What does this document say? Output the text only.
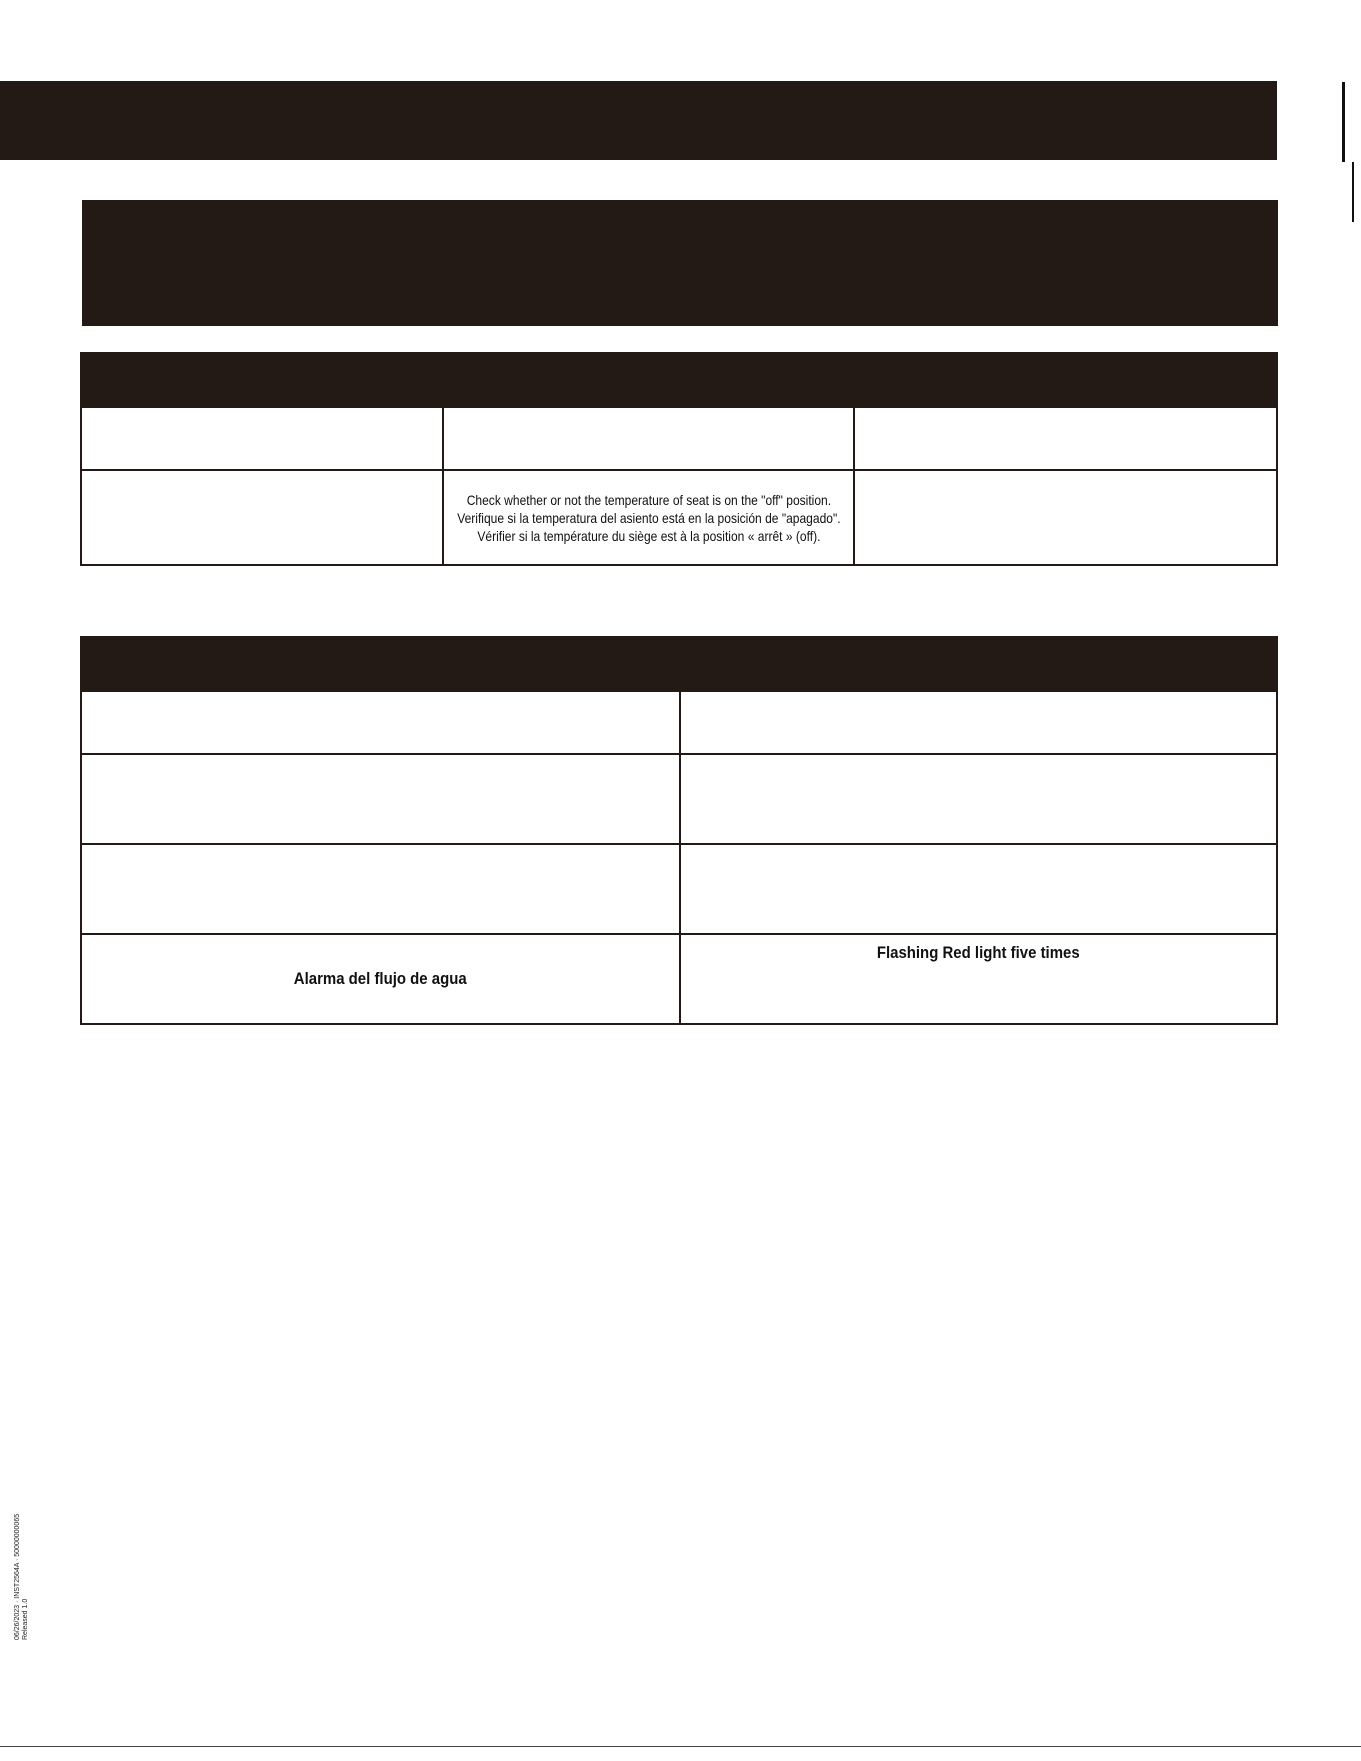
Check whether or not the temperature of seat is on the "off" position.
Verifique si la temperatura del asiento está en la posición de "apagado".
Vérifier si la température du siège est à la position « arrêt » (off).
Alarma del flujo de agua
Flashing Red light five times
06/26/2023 · INST2564A · 50000000065 Released 1.0
